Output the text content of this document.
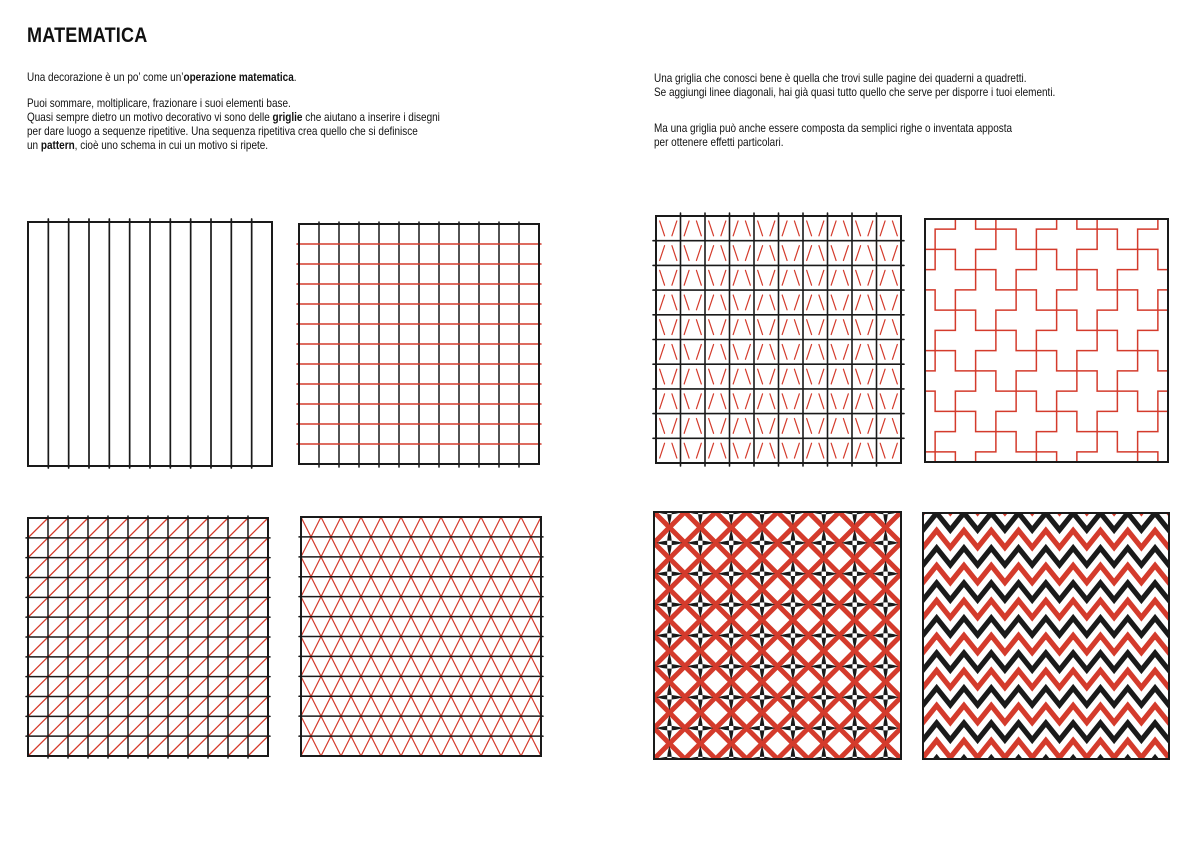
MATEMATICA

Una decorazione è un po’ come un’operazione matematica.

Puoi sommare, moltiplicare, frazionare i suoi elementi base.

Quasi sempre dietro un motivo decorativo vi sono delle griglie che aiutano a inserire i disegni

per dare luogo a sequenze ripetitive. Una sequenza ripetitiva crea quello che si definisce

un pattern, cioè uno schema in cui un motivo si ripete.

Una griglia che conosci bene è quella che trovi sulle pagine dei quaderni a quadretti.

Se aggiungi linee diagonali, hai già quasi tutto quello che serve per disporre i tuoi elementi.

Ma una griglia può anche essere composta da semplici righe o inventata apposta

per ottenere effetti particolari.
